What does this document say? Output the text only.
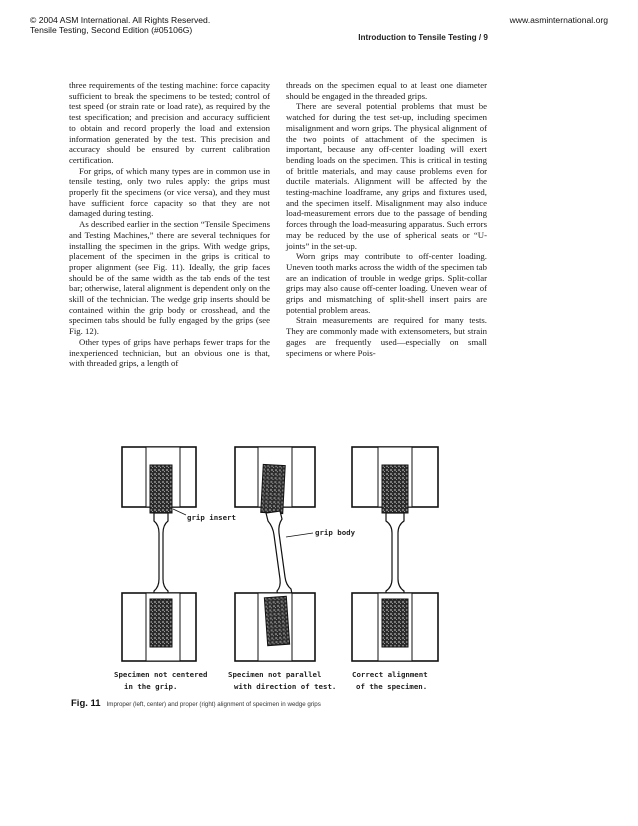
© 2004 ASM International. All Rights Reserved.
Tensile Testing, Second Edition (#05106G)
www.asminternational.org
Introduction to Tensile Testing / 9

three requirements of the testing machine: force capacity sufficient to break the specimens to be tested; control of test speed (or strain rate or load rate), as required by the test specification; and precision and accuracy sufficient to obtain and record properly the load and extension information generated by the test. This precision and accuracy should be ensured by current calibration certification.

For grips, of which many types are in common use in tensile testing, only two rules apply: the grips must properly fit the specimens (or vice versa), and they must have sufficient force capacity so that they are not damaged during testing.

As described earlier in the section “Tensile Specimens and Testing Machines,” there are several techniques for installing the specimen in the grips. With wedge grips, placement of the specimen in the grips is critical to proper alignment (see Fig. 11). Ideally, the grip faces should be of the same width as the tab ends of the test bar; otherwise, lateral alignment is dependent only on the skill of the technician. The wedge grip inserts should be contained within the grip body or crosshead, and the specimen tabs should be fully engaged by the grips (see Fig. 12).

Other types of grips have perhaps fewer traps for the inexperienced technician, but an obvious one is that, with threaded grips, a length of

threads on the specimen equal to at least one diameter should be engaged in the threaded grips.

There are several potential problems that must be watched for during the test set-up, including specimen misalignment and worn grips. The physical alignment of the two points of attachment of the specimen is important, because any off-center loading will exert bending loads on the specimen. This is critical in testing of brittle materials, and may cause problems even for ductile materials. Alignment will be affected by the testing-machine loadframe, any grips and fixtures used, and the specimen itself. Misalignment may also induce load-measurement errors due to the passage of bending forces through the load-measuring apparatus. Such errors may be reduced by the use of spherical seats or “U-joints” in the set-up.

Worn grips may contribute to off-center loading. Uneven tooth marks across the width of the specimen tab are an indication of trouble in wedge grips. Split-collar grips may also cause off-center loading. Uneven wear of grips and mismatching of split-shell insert pairs are potential problem areas.

Strain measurements are required for many tests. They are commonly made with extensometers, but strain gages are frequently used—especially on small specimens or where Pois-

grip insert
Specimen not centered
in the grip.
grip body
Specimen not parallel
with direction of test.
Correct alignment
of the specimen.
Fig. 11 Improper (left, center) and proper (right) alignment of specimen in wedge grips
